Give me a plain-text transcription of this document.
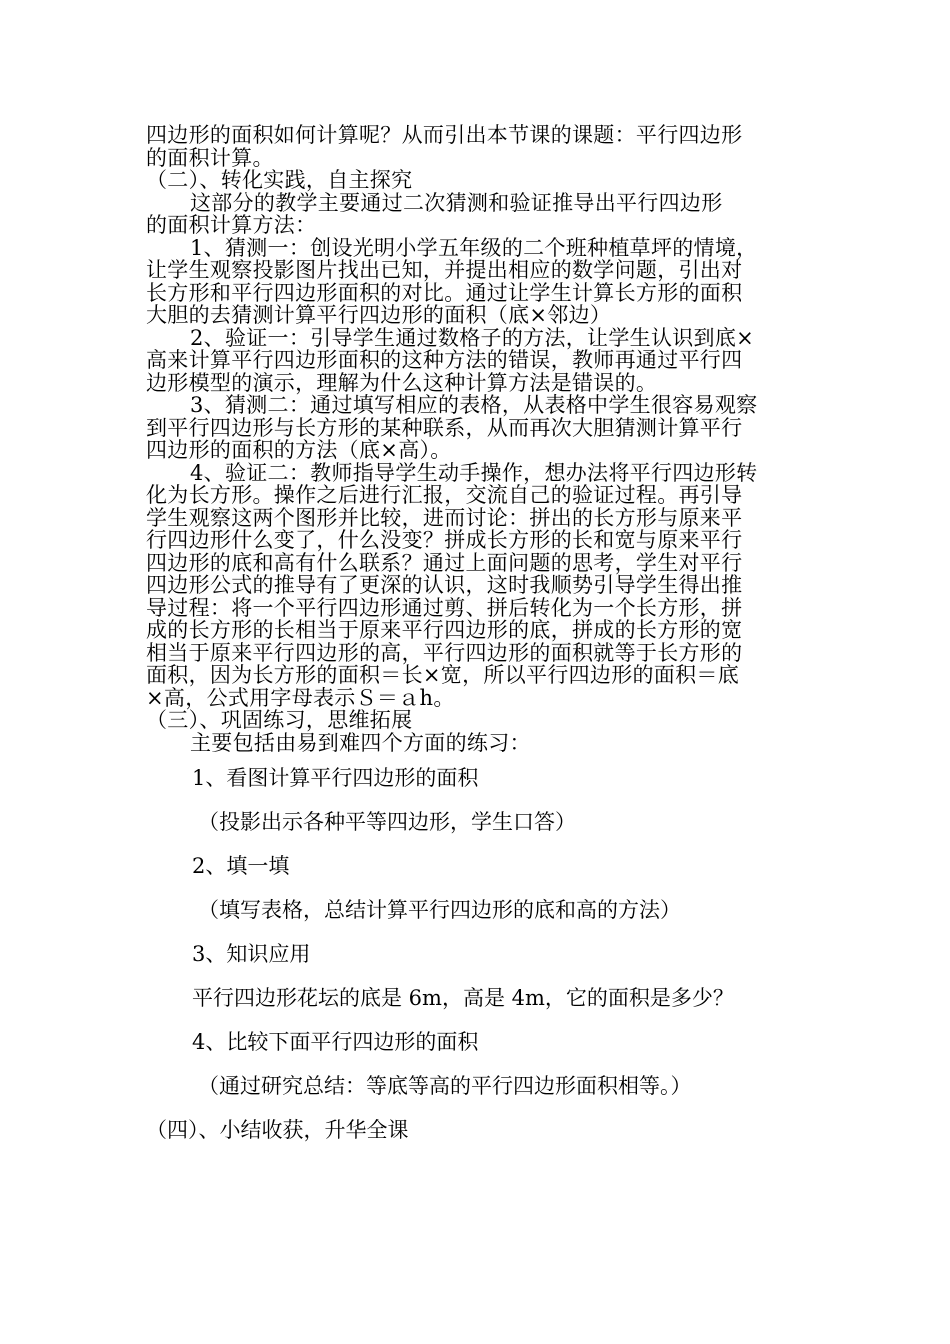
四边形的面积如何计算呢？从而引出本节课的课题：平行四边形
的面积计算。
（二）、转化实践，自主探究
这部分的教学主要通过二次猜测和验证推导出平行四边形
的面积计算方法：
1、猜测一：创设光明小学五年级的二个班种植草坪的情境，
让学生观察投影图片找出已知，并提出相应的数学问题，引出对
长方形和平行四边形面积的对比。通过让学生计算长方形的面积
大胆的去猜测计算平行四边形的面积（底×邻边）
2、验证一：引导学生通过数格子的方法，让学生认识到底×
高来计算平行四边形面积的这种方法的错误，教师再通过平行四
边形模型的演示，理解为什么这种计算方法是错误的。
3、猜测二：通过填写相应的表格，从表格中学生很容易观察
到平行四边形与长方形的某种联系，从而再次大胆猜测计算平行
四边形的面积的方法（底×高）。
4、验证二：教师指导学生动手操作，想办法将平行四边形转
化为长方形。操作之后进行汇报，交流自己的验证过程。再引导
学生观察这两个图形并比较，进而讨论：拼出的长方形与原来平
行四边形什么变了，什么没变？拼成长方形的长和宽与原来平行
四边形的底和高有什么联系？通过上面问题的思考，学生对平行
四边形公式的推导有了更深的认识，这时我顺势引导学生得出推
导过程：将一个平行四边形通过剪、拼后转化为一个长方形，拼
成的长方形的长相当于原来平行四边形的底，拼成的长方形的宽
相当于原来平行四边形的高，平行四边形的面积就等于长方形的
面积，因为长方形的面积＝长×宽，所以平行四边形的面积＝底
×高，公式用字母表示Ｓ＝ａh。
（三）、巩固练习，思维拓展
主要包括由易到难四个方面的练习：
1、看图计算平行四边形的面积
（投影出示各种平等四边形，学生口答）
2、填一填
（填写表格，总结计算平行四边形的底和高的方法）
3、知识应用
平行四边形花坛的底是 6m，高是 4m，它的面积是多少？
4、比较下面平行四边形的面积
（通过研究总结：等底等高的平行四边形面积相等。）
（四）、小结收获，升华全课
